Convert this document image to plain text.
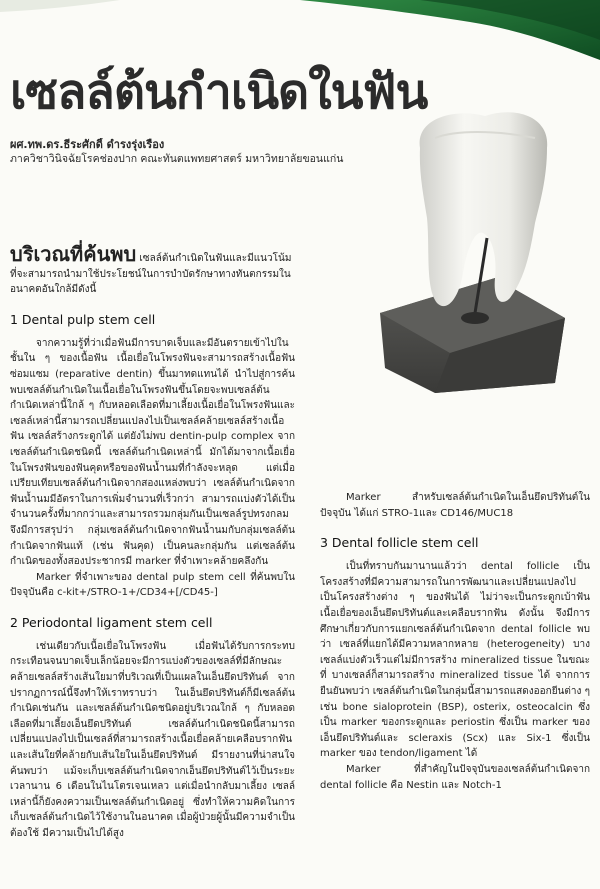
เซลล์ต้นกำเนิดในฟัน
ผศ.ทพ.ดร.ธีระศักดิ์ ดำรงรุ่งเรือง
ภาควิชาวินิจฉัยโรคช่องปาก คณะทันตแพทยศาสตร์ มหาวิทยาลัยขอนแก่น

บริเวณที่ค้นพบ เซลล์ต้นกำเนิดในฟันและมีแนวโน้มที่จะสามารถนำมาใช้ประโยชน์ในการบำบัดรักษาทางทันตกรรมในอนาคตอันใกล้มีดังนี้

1 Dental pulp stem cell

จากความรู้ที่ว่าเมื่อฟันมีการบาดเจ็บและมีอันตรายเข้าไปในชั้นใน ๆ ของเนื้อฟัน เนื้อเยื่อในโพรงฟันจะสามารถสร้างเนื้อฟันซ่อมแซม (reparative dentin) ขึ้นมาทดแทนได้ นำไปสู่การค้นพบเซลล์ต้นกำเนิดในเนื้อเยื่อในโพรงฟันขึ้นโดยจะพบเซลล์ต้นกำเนิดเหล่านี้ใกล้ ๆ กับหลอดเลือดที่มาเลี้ยงเนื้อเยื่อในโพรงฟันและเซลล์เหล่านี้สามารถเปลี่ยนแปลงไปเป็นเซลล์คล้ายเซลล์สร้างเนื้อฟัน เซลล์สร้างกระดูกได้ แต่ยังไม่พบ dentin-pulp complex จากเซลล์ต้นกำเนิดชนิดนี้ เซลล์ต้นกำเนิดเหล่านี้ มักได้มาจากเนื้อเยื่อในโพรงฟันของฟันคุดหรือของฟันน้ำนมที่กำลังจะหลุด แต่เมื่อเปรียบเทียบเซลล์ต้นกำเนิดจากสองแหล่งพบว่า เซลล์ต้นกำเนิดจากฟันน้ำนมมีอัตราในการเพิ่มจำนวนที่เร็วกว่า สามารถแบ่งตัวได้เป็นจำนวนครั้งที่มากกว่าและสามารถรวมกลุ่มกันเป็นเซลล์รูปทรงกลม จึงมีการสรุปว่า กลุ่มเซลล์ต้นกำเนิดจากฟันน้ำนมกับกลุ่มเซลล์ต้นกำเนิดจากฟันแท้ (เช่น ฟันคุด) เป็นคนละกลุ่มกัน แต่เซลล์ต้นกำเนิดของทั้งสองประชากรมี marker ที่จำเพาะคล้ายคลึงกัน

Marker ที่จำเพาะของ dental pulp stem cell ที่ค้นพบในปัจจุบันคือ c-kit+/STRO-1+/CD34+[/CD45-]

2 Periodontal ligament stem cell

เช่นเดียวกับเนื้อเยื่อในโพรงฟัน เมื่อฟันได้รับการกระทบกระเทือนจนบาดเจ็บเล็กน้อยจะมีการแบ่งตัวของเซลล์ที่มีลักษณะคล้ายเซลล์สร้างเส้นใยมาที่บริเวณที่เป็นแผลในเอ็นยึดปริทันต์ จากปรากฏการณ์นี้จึงทำให้เราทราบว่า ในเอ็นยึดปริทันต์ก็มีเซลล์ต้นกำเนิดเช่นกัน และเซลล์ต้นกำเนิดชนิดอยู่บริเวณใกล้ ๆ กับหลอดเลือดที่มาเลี้ยงเอ็นยึดปริทันต์ เซลล์ต้นกำเนิดชนิดนี้สามารถเปลี่ยนแปลงไปเป็นเซลล์ที่สามารถสร้างเนื้อเยื่อคล้ายเคลือบรากฟันและเส้นใยที่คล้ายกับเส้นใยในเอ็นยึดปริทันต์ มีรายงานที่น่าสนใจค้นพบว่า แม้จะเก็บเซลล์ต้นกำเนิดจากเอ็นยึดปริทันต์ไว้เป็นระยะเวลานาน 6 เดือนในไนโตรเจนเหลว แต่เมื่อนำกลับมาเลี้ยง เซลล์เหล่านี้ก็ยังคงความเป็นเซลล์ต้นกำเนิดอยู่ ซึ่งทำให้ความคิดในการเก็บเซลล์ต้นกำเนิดไว้ใช้งานในอนาคต เมื่อผู้ป่วยผู้นั้นมีความจำเป็นต้องใช้ มีความเป็นไปได้สูง

Marker สำหรับเซลล์ต้นกำเนิดในเอ็นยึดปริทันต์ในปัจจุบัน ได้แก่ STRO-1และ CD146/MUC18

3 Dental follicle stem cell

เป็นที่ทราบกันมานานแล้วว่า dental follicle เป็นโครงสร้างที่มีความสามารถในการพัฒนาและเปลี่ยนแปลงไปเป็นโครงสร้างต่าง ๆ ของฟันได้ ไม่ว่าจะเป็นกระดูกเบ้าฟัน เนื้อเยื่อของเอ็นยึดปริทันต์และเคลือบรากฟัน ดังนั้น จึงมีการศึกษาเกี่ยวกับการแยกเซลล์ต้นกำเนิดจาก dental follicle พบว่า เซลล์ที่แยกได้มีความหลากหลาย (heterogeneity) บางเซลล์แบ่งตัวเร็วแต่ไม่มีการสร้าง mineralized tissue ในขณะที่ บางเซลล์ก็สามารถสร้าง mineralized tissue ได้ จากการยืนยันพบว่า เซลล์ต้นกำเนิดในกลุ่มนี้สามารถแสดงออกยีนต่าง ๆ เช่น bone sialoprotein (BSP), osterix, osteocalcin ซึ่งเป็น marker ของกระดูกและ periostin ซึ่งเป็น marker ของเอ็นยึดปริทันต์และ scleraxis (Scx) และ Six-1 ซึ่งเป็น marker ของ tendon/ligament ได้

Marker ที่สำคัญในปัจจุบันของเซลล์ต้นกำเนิดจาก dental follicle คือ Nestin และ Notch-1
